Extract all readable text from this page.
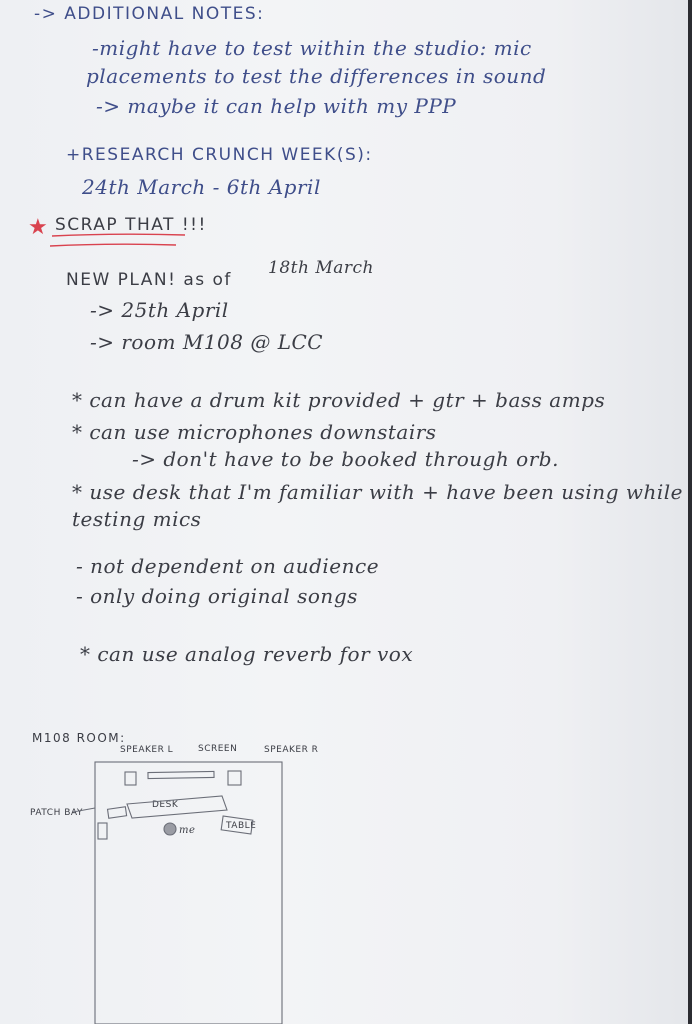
-> ADDITIONAL NOTES:
-might have to test within the studio: mic
placements to test the differences in sound
-> maybe it can help with my PPP
+RESEARCH CRUNCH WEEK(S):
24th March - 6th April
★ SCRAP THAT !!!
NEW PLAN! as of
18th March
-> 25th April
-> room M108 @ LCC
* can have a drum kit provided + gtr + bass amps
* can use microphones downstairs
-> don't have to be booked through orb.
* use desk that I'm familiar with + have been using while
testing mics
- not dependent on audience
- only doing original songs
* can use analog reverb for vox
M108 ROOM:
SPEAKER L	SCREEN	SPEAKER R
PATCH BAY
DESK
TABLE
me
